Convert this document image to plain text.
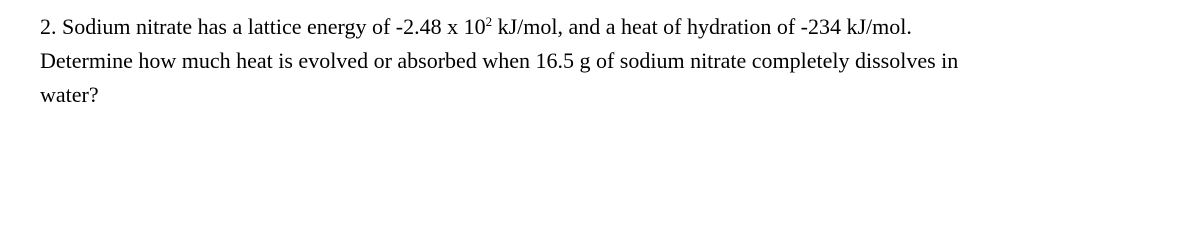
2. Sodium nitrate has a lattice energy of -2.48 x $10^2$ kJ/mol, and a heat of hydration of -234 kJ/mol.
Determine how much heat is evolved or absorbed when 16.5 g of sodium nitrate completely dissolves in
water?
